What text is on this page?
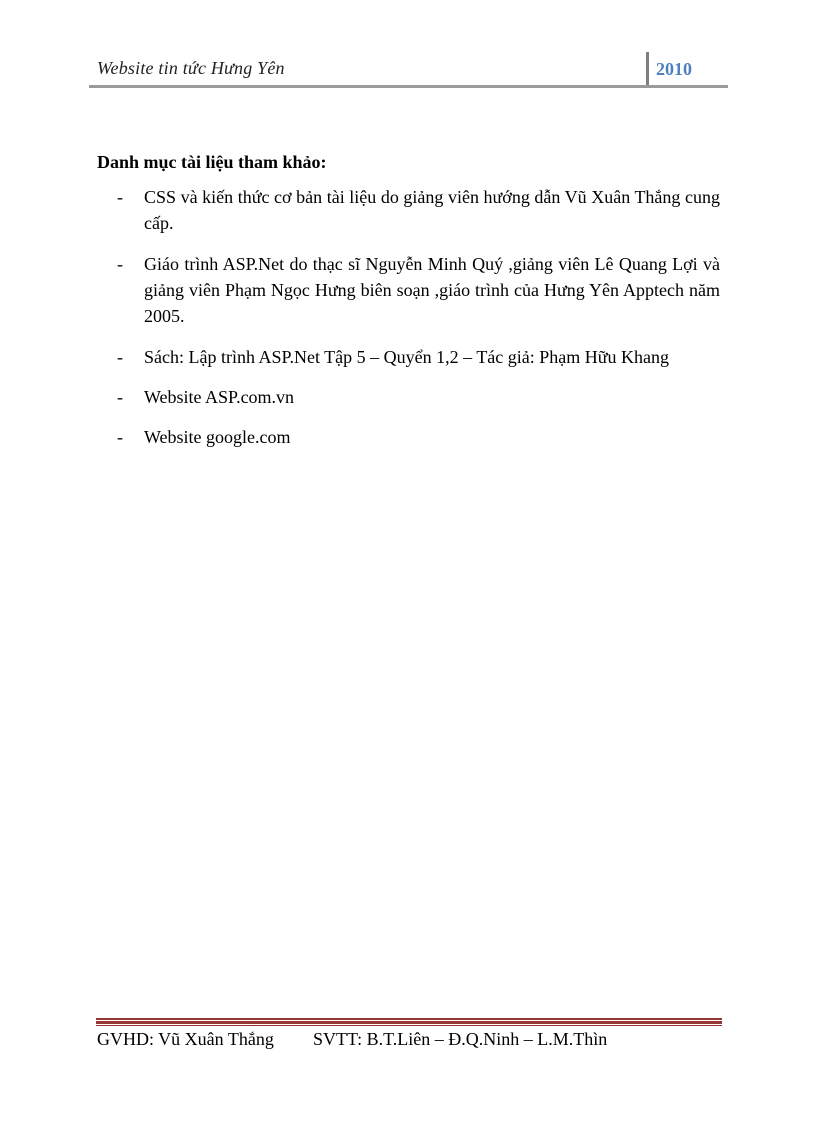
Website tin tức Hưng Yên	2010
Danh mục tài liệu tham khảo:
-	CSS và kiến thức cơ bản tài liệu do giảng viên hướng dẫn Vũ Xuân Thắng cung cấp.
-	Giáo trình ASP.Net do thạc sĩ Nguyễn Minh Quý ,giảng viên Lê Quang Lợi và giảng viên Phạm Ngọc Hưng biên soạn ,giáo trình của Hưng Yên Apptech năm 2005.
-	Sách: Lập trình ASP.Net Tập 5 – Quyển 1,2 – Tác giả: Phạm Hữu Khang
-	Website ASP.com.vn
-	Website google.com
GVHD: Vũ Xuân Thắng SVTT: B.T.Liên – Đ.Q.Ninh – L.M.Thìn
